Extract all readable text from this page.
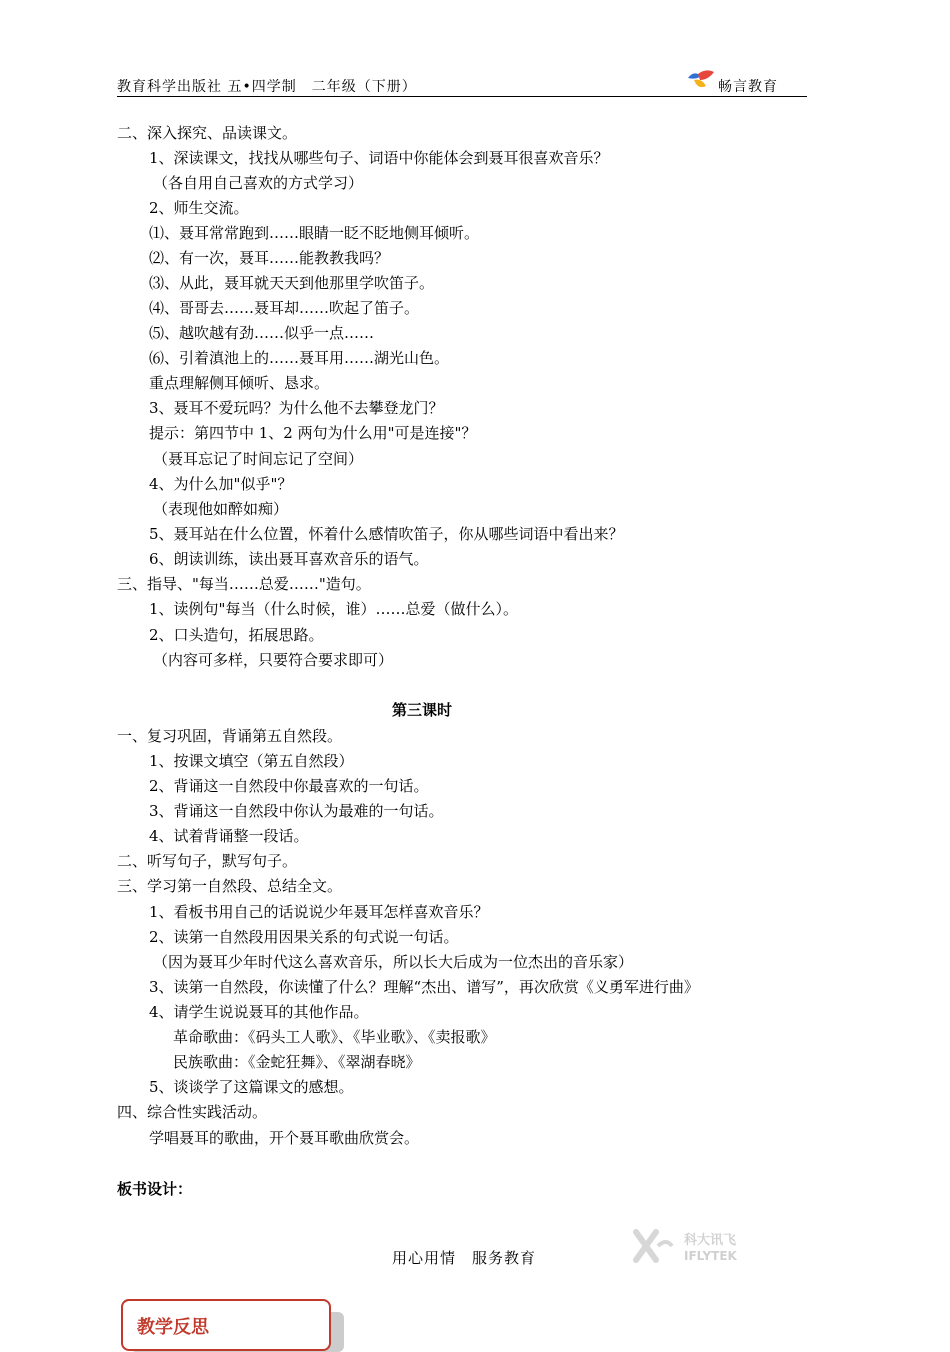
教育科学出版社 五•四学制　二年级（下册）	畅言教育
二、深入探究、品读课文。
1、深读课文，找找从哪些句子、词语中你能体会到聂耳很喜欢音乐？
（各自用自己喜欢的方式学习）
2、师生交流。
⑴、聂耳常常跑到……眼睛一眨不眨地侧耳倾听。
⑵、有一次，聂耳……能教教我吗？
⑶、从此，聂耳就天天到他那里学吹笛子。
⑷、哥哥去……聂耳却……吹起了笛子。
⑸、越吹越有劲……似乎一点……
⑹、引着滇池上的……聂耳用……湖光山色。
重点理解侧耳倾听、恳求。
3、聂耳不爱玩吗？为什么他不去攀登龙门？
提示：第四节中 1、2 两句为什么用"可是连接"？
（聂耳忘记了时间忘记了空间）
4、为什么加"似乎"？
（表现他如醉如痴）
5、聂耳站在什么位置，怀着什么感情吹笛子，你从哪些词语中看出来？
6、朗读训练，读出聂耳喜欢音乐的语气。
三、指导、"每当……总爱……"造句。
1、读例句"每当（什么时候，谁）……总爱（做什么）。
2、口头造句，拓展思路。
（内容可多样，只要符合要求即可）
第三课时
一、复习巩固，背诵第五自然段。
1、按课文填空（第五自然段）
2、背诵这一自然段中你最喜欢的一句话。
3、背诵这一自然段中你认为最难的一句话。
4、试着背诵整一段话。
二、听写句子，默写句子。
三、学习第一自然段、总结全文。
1、看板书用自己的话说说少年聂耳怎样喜欢音乐？
2、读第一自然段用因果关系的句式说一句话。
（因为聂耳少年时代这么喜欢音乐，所以长大后成为一位杰出的音乐家）
3、读第一自然段，你读懂了什么？理解“杰出、谱写”，再次欣赏《义勇军进行曲》
4、请学生说说聂耳的其他作品。
革命歌曲：《码头工人歌》、《毕业歌》、《卖报歌》
民族歌曲：《金蛇狂舞》、《翠湖春晓》
5、谈谈学了这篇课文的感想。
四、综合性实践活动。
学唱聂耳的歌曲，开个聂耳歌曲欣赏会。
板书设计：
用心用情　服务教育
科大讯飞
IFLYTEK
教学反思
